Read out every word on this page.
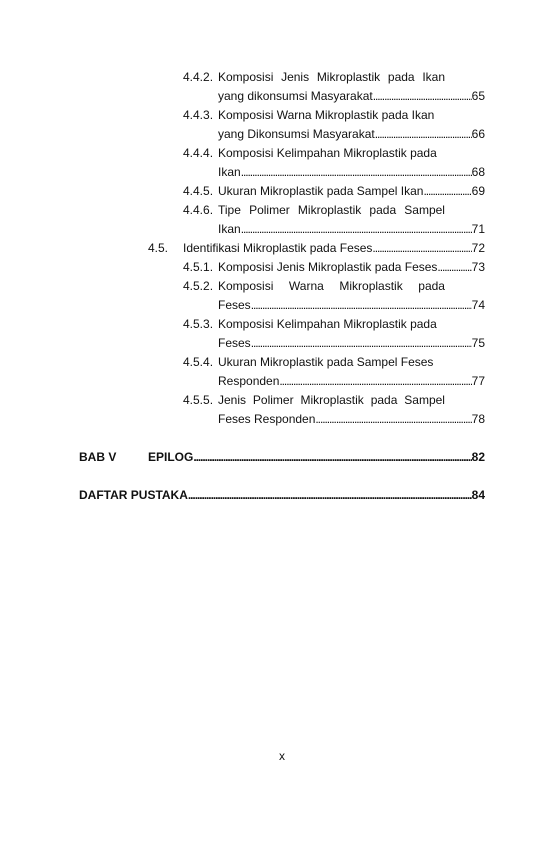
4.4.2. Komposisi Jenis Mikroplastik pada Ikan
yang dikonsumsi Masyarakat . . .	65
4.4.3. Komposisi Warna Mikroplastik pada Ikan
yang Dikonsumsi Masyarakat . . .	66
4.4.4. Komposisi Kelimpahan Mikroplastik pada
Ikan . . .	68
4.4.5. Ukuran Mikroplastik pada Sampel Ikan . . .	69
4.4.6. Tipe Polimer Mikroplastik pada Sampel
Ikan . . .	71
4.5. Identifikasi Mikroplastik pada Feses . . .	72
4.5.1. Komposisi Jenis Mikroplastik pada Feses . . .	73
4.5.2. Komposisi Warna Mikroplastik pada
Feses . . .	74
4.5.3. Komposisi Kelimpahan Mikroplastik pada
Feses . . .	75
4.5.4. Ukuran Mikroplastik pada Sampel Feses
Responden . . .	77
4.5.5. Jenis Polimer Mikroplastik pada Sampel
Feses Responden . . .	78
BAB V	EPILOG . . .	82
DAFTAR PUSTAKA . . .	84
x
